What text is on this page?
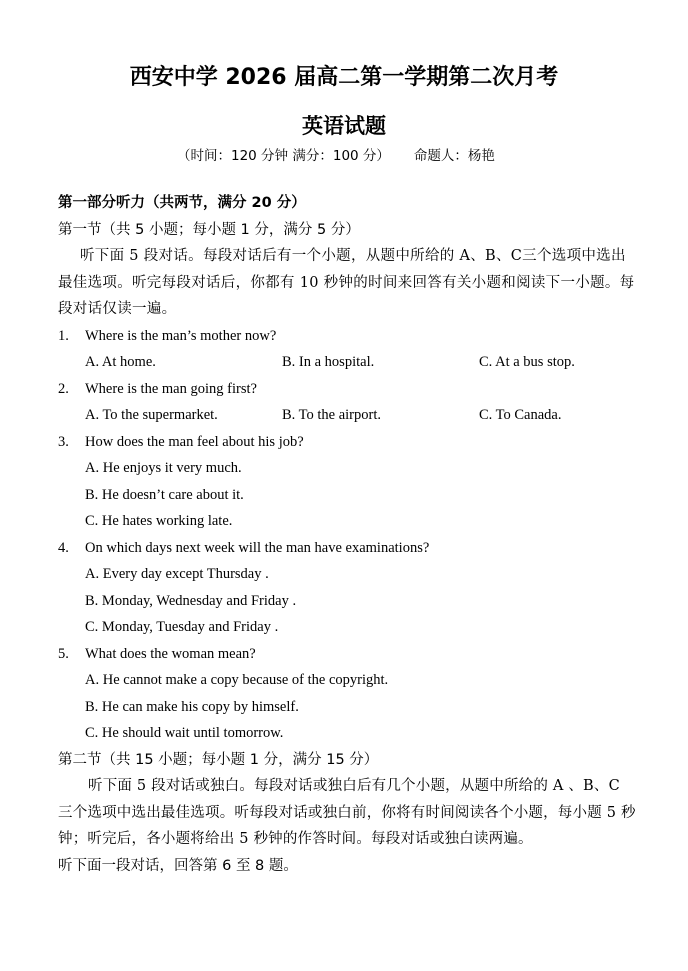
西安中学 2026 届高二第一学期第二次月考
英语试题
（时间：120 分钟 满分：100 分） 命题人：杨艳
第一部分听力（共两节，满分 20 分）
第一节（共 5 小题；每小题 1 分，满分 5 分）
听下面 5 段对话。每段对话后有一个小题，从题中所给的 A、B、C三个选项中选出最佳选项。听完每段对话后，你都有 10 秒钟的时间来回答有关小题和阅读下一小题。每段对话仅读一遍。
1.	Where is the man’s mother now?
A. At home.	B. In a hospital.	C. At a bus stop.
2.	Where is the man going first?
A. To the supermarket.	B. To the airport.	C. To Canada.
3.	How does the man feel about his job?
A. He enjoys it very much.
B. He doesn’t care about it.
C. He hates working late.
4.	On which days next week will the man have examinations?
A. Every day except Thursday .
B. Monday, Wednesday and Friday .
C. Monday, Tuesday and Friday .
5.	What does the woman mean?
A. He cannot make a copy because of the copyright.
B. He can make his copy by himself.
C. He should wait until tomorrow.
第二节（共 15 小题；每小题 1 分，满分 15 分）
听下面 5 段对话或独白。每段对话或独白后有几个小题，从题中所给的 A 、B、C 三个选项中选出最佳选项。听每段对话或独白前，你将有时间阅读各个小题，每小题 5 秒钟；听完后，各小题将给出 5 秒钟的作答时间。每段对话或独白读两遍。
听下面一段对话，回答第 6 至 8 题。
